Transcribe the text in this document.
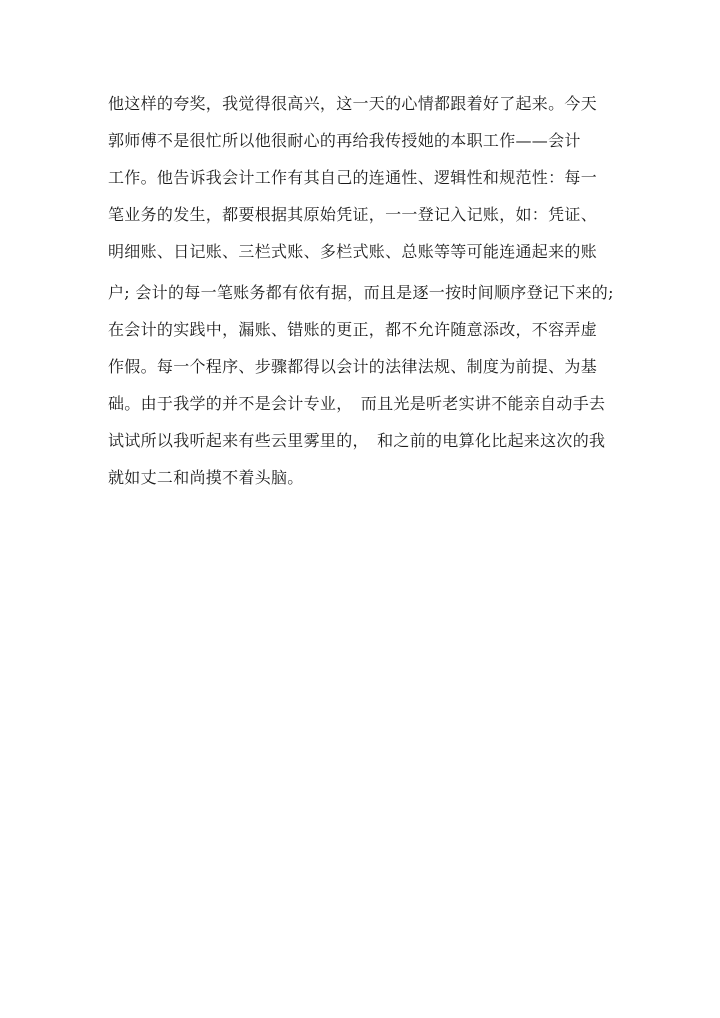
他这样的夸奖，我觉得很高兴，这一天的心情都跟着好了起来。今天
郭师傅不是很忙所以他很耐心的再给我传授她的本职工作——会计
工作。他告诉我会计工作有其自己的连通性、逻辑性和规范性：每一
笔业务的发生，都要根据其原始凭证，一一登记入记账，如：凭证、
明细账、日记账、三栏式账、多栏式账、总账等等可能连通起来的账
户; 会计的每一笔账务都有依有据，而且是逐一按时间顺序登记下来的;
在会计的实践中，漏账、错账的更正，都不允许随意添改，不容弄虚
作假。每一个程序、步骤都得以会计的法律法规、制度为前提、为基
础。由于我学的并不是会计专业，　而且光是听老实讲不能亲自动手去
试试所以我听起来有些云里雾里的，　和之前的电算化比起来这次的我
就如丈二和尚摸不着头脑。
